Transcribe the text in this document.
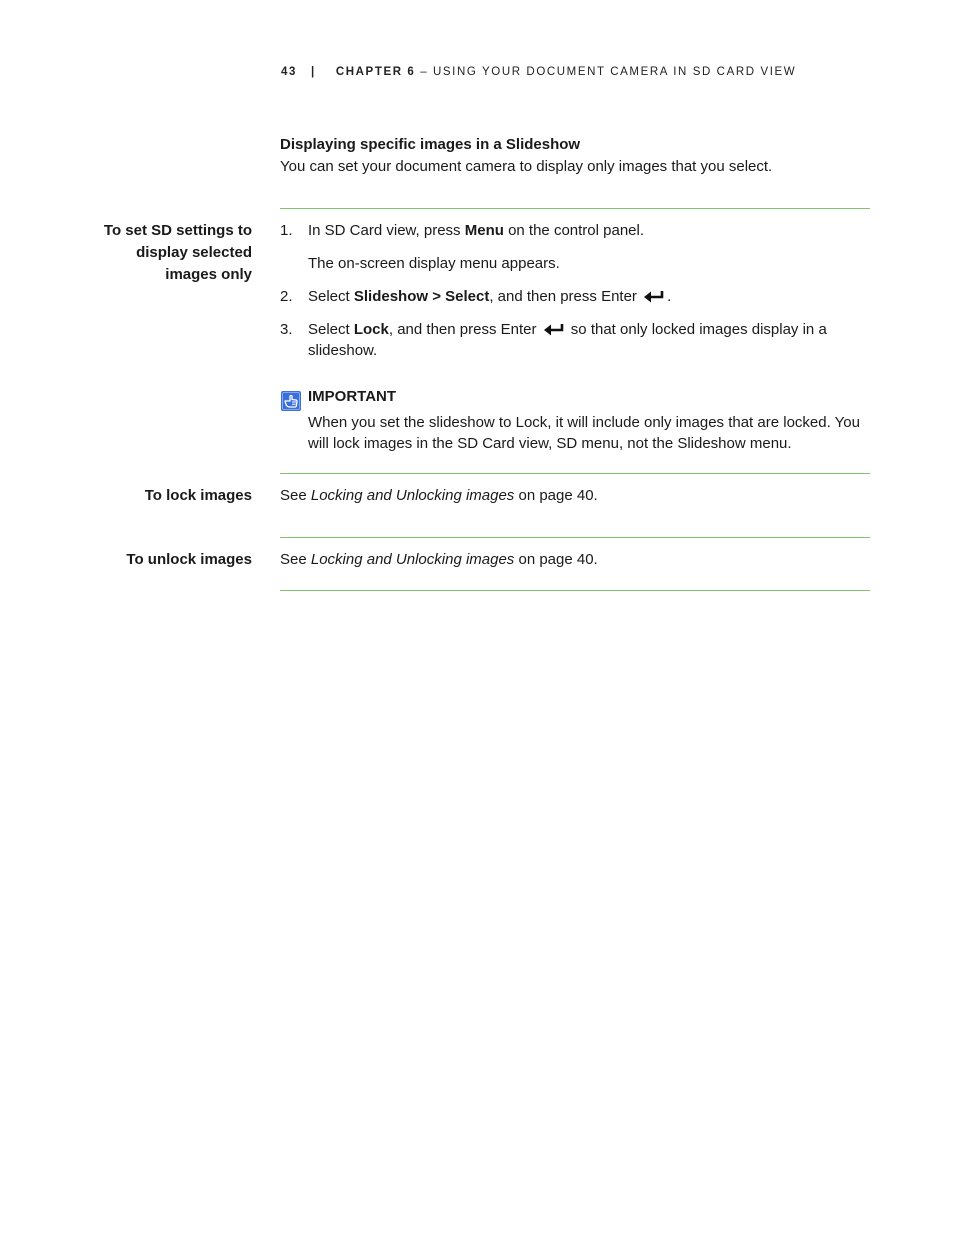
43 | CHAPTER 6 – USING YOUR DOCUMENT CAMERA IN SD CARD VIEW
Displaying specific images in a Slideshow
You can set your document camera to display only images that you select.
To set SD settings to
display selected
images only
1. In SD Card view, press Menu on the control panel.
The on-screen display menu appears.
2. Select Slideshow > Select, and then press Enter .
3. Select Lock, and then press Enter  so that only locked images display in a slideshow.
IMPORTANT
When you set the slideshow to Lock, it will include only images that are locked. You will lock images in the SD Card view, SD menu, not the Slideshow menu.
To lock images See Locking and Unlocking images on page 40.
To unlock images See Locking and Unlocking images on page 40.
